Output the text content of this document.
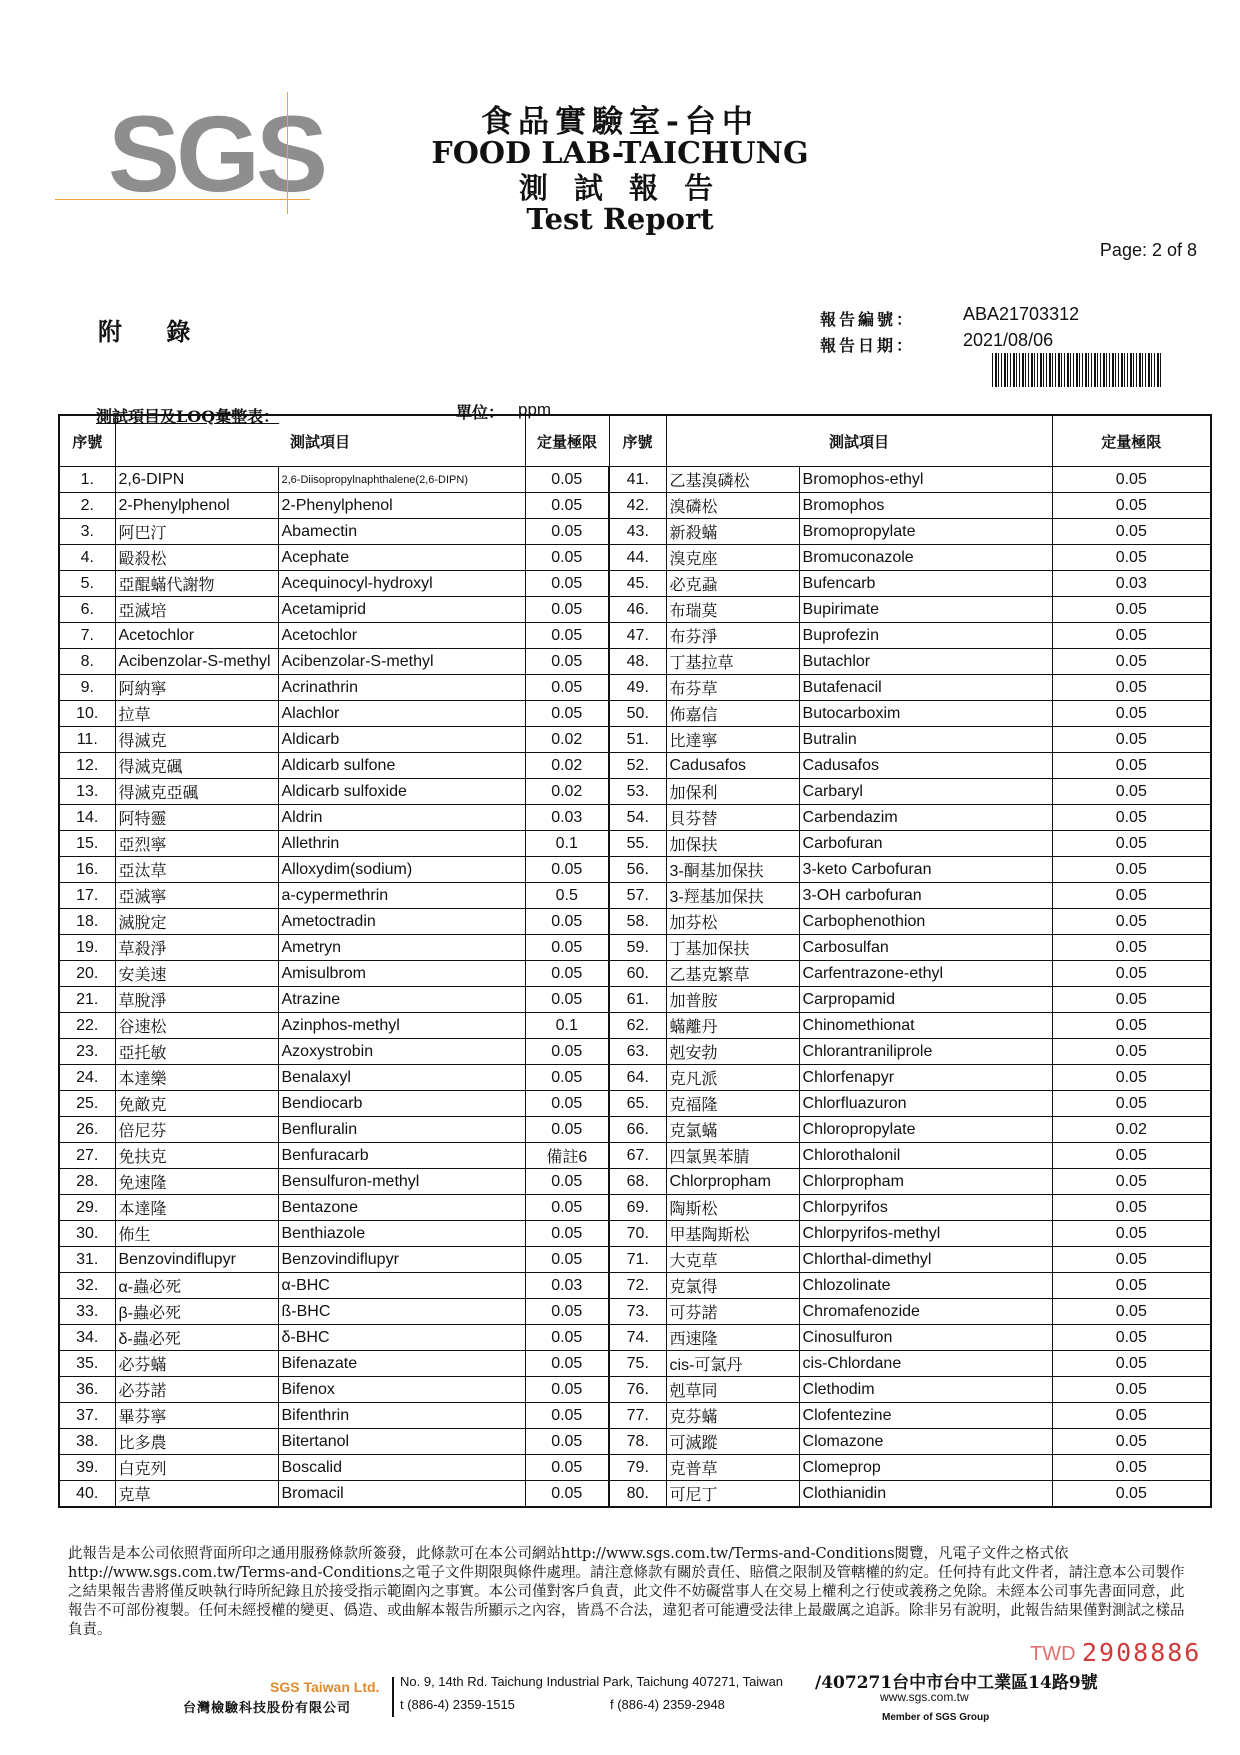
SGS	食品實驗室-台中
FOOD LAB-TAICHUNG
測 試 報 告
Test Report
Page: 2 of 8
附 錄	報告編號：	ABA21703312
報告日期：	2021/08/06
測試項目及LOQ彙整表：	單位： ppm
序號	測試項目		定量極限	序號	測試項目		定量極限
1.	2,6-DIPN	2,6-Diisopropylnaphthalene(2,6-DIPN)	0.05	41.	乙基溴磷松	Bromophos-ethyl	0.05
2.	2-Phenylphenol	2-Phenylphenol	0.05	42.	溴磷松	Bromophos	0.05
3.	阿巴汀	Abamectin	0.05	43.	新殺蟎	Bromopropylate	0.05
4.	毆殺松	Acephate	0.05	44.	溴克座	Bromuconazole	0.05
5.	亞醌蟎代謝物	Acequinocyl-hydroxyl	0.05	45.	必克蝨	Bufencarb	0.03
6.	亞滅培	Acetamiprid	0.05	46.	布瑞莫	Bupirimate	0.05
7.	Acetochlor	Acetochlor	0.05	47.	布芬淨	Buprofezin	0.05
8.	Acibenzolar-S-methyl	Acibenzolar-S-methyl	0.05	48.	丁基拉草	Butachlor	0.05
9.	阿納寧	Acrinathrin	0.05	49.	布芬草	Butafenacil	0.05
10.	拉草	Alachlor	0.05	50.	佈嘉信	Butocarboxim	0.05
11.	得滅克	Aldicarb	0.02	51.	比達寧	Butralin	0.05
12.	得滅克碸	Aldicarb sulfone	0.02	52.	Cadusafos	Cadusafos	0.05
13.	得滅克亞碸	Aldicarb sulfoxide	0.02	53.	加保利	Carbaryl	0.05
14.	阿特靈	Aldrin	0.03	54.	貝芬替	Carbendazim	0.05
15.	亞烈寧	Allethrin	0.1	55.	加保扶	Carbofuran	0.05
16.	亞汰草	Alloxydim(sodium)	0.05	56.	3-酮基加保扶	3-keto Carbofuran	0.05
17.	亞滅寧	a-cypermethrin	0.5	57.	3-羥基加保扶	3-OH carbofuran	0.05
18.	滅脫定	Ametoctradin	0.05	58.	加芬松	Carbophenothion	0.05
19.	草殺淨	Ametryn	0.05	59.	丁基加保扶	Carbosulfan	0.05
20.	安美速	Amisulbrom	0.05	60.	乙基克繁草	Carfentrazone-ethyl	0.05
21.	草脫淨	Atrazine	0.05	61.	加普胺	Carpropamid	0.05
22.	谷速松	Azinphos-methyl	0.1	62.	蟎離丹	Chinomethionat	0.05
23.	亞托敏	Azoxystrobin	0.05	63.	剋安勃	Chlorantraniliprole	0.05
24.	本達樂	Benalaxyl	0.05	64.	克凡派	Chlorfenapyr	0.05
25.	免敵克	Bendiocarb	0.05	65.	克福隆	Chlorfluazuron	0.05
26.	倍尼芬	Benfluralin	0.05	66.	克氯蟎	Chloropropylate	0.02
27.	免扶克	Benfuracarb	備註6	67.	四氯異苯腈	Chlorothalonil	0.05
28.	免速隆	Bensulfuron-methyl	0.05	68.	Chlorpropham	Chlorpropham	0.05
29.	本達隆	Bentazone	0.05	69.	陶斯松	Chlorpyrifos	0.05
30.	佈生	Benthiazole	0.05	70.	甲基陶斯松	Chlorpyrifos-methyl	0.05
31.	Benzovindiflupyr	Benzovindiflupyr	0.05	71.	大克草	Chlorthal-dimethyl	0.05
32.	α-蟲必死	α-BHC	0.03	72.	克氯得	Chlozolinate	0.05
33.	β-蟲必死	ß-BHC	0.05	73.	可芬諾	Chromafenozide	0.05
34.	δ-蟲必死	δ-BHC	0.05	74.	西速隆	Cinosulfuron	0.05
35.	必芬蟎	Bifenazate	0.05	75.	cis-可氯丹	cis-Chlordane	0.05
36.	必芬諾	Bifenox	0.05	76.	剋草同	Clethodim	0.05
37.	畢芬寧	Bifenthrin	0.05	77.	克芬蟎	Clofentezine	0.05
38.	比多農	Bitertanol	0.05	78.	可滅蹤	Clomazone	0.05
39.	白克列	Boscalid	0.05	79.	克普草	Clomeprop	0.05
40.	克草	Bromacil	0.05	80.	可尼丁	Clothianidin	0.05
此報告是本公司依照背面所印之通用服務條款所簽發，此條款可在本公司網站http://www.sgs.com.tw/Terms-and-Conditions閱覽，凡電子文件之格式依http://www.sgs.com.tw/Terms-and-Conditions之電子文件期限與條件處理。請注意條款有關於責任、賠償之限制及管轄權的約定。任何持有此文件者，請注意本公司製作之結果報告書將僅反映執行時所紀錄且於接受指示範圍內之事實。本公司僅對客戶負責，此文件不妨礙當事人在交易上權利之行使或義務之免除。未經本公司事先書面同意，此報告不可部份複製。任何未經授權的變更、僞造、或曲解本報告所顯示之內容，皆爲不合法，違犯者可能遭受法律上最嚴厲之追訴。除非另有說明，此報告結果僅對測試之樣品負責。
TWD 2908886
SGS Taiwan Ltd.
台灣檢驗科技股份有限公司
No. 9, 14th Rd. Taichung Industrial Park, Taichung 407271, Taiwan /407271台中市台中工業區14路9號
t (886-4) 2359-1515	f (886-4) 2359-2948	www.sgs.com.tw
Member of SGS Group
